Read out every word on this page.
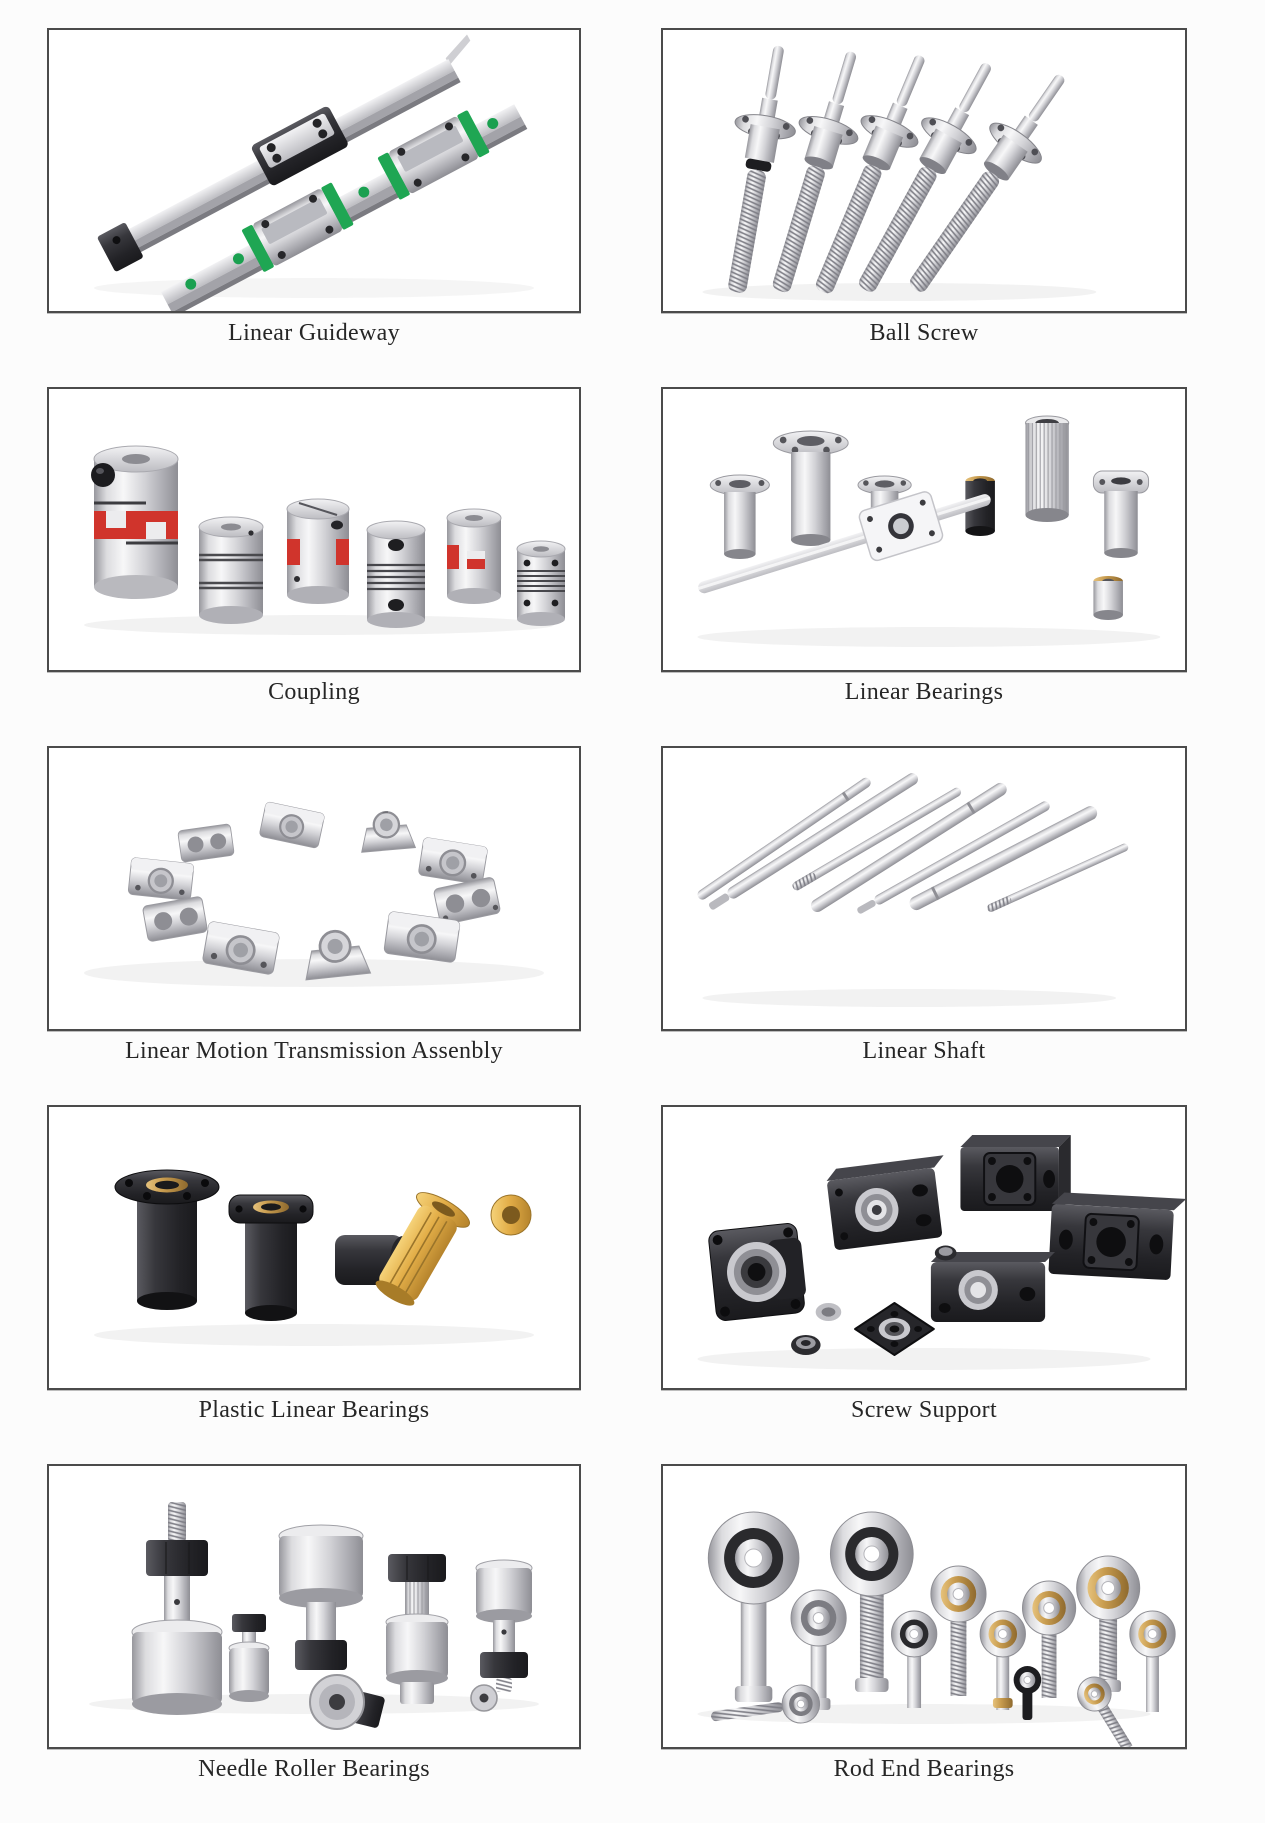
Linear Guideway	Ball Screw
Coupling	Linear Bearings
Linear Motion Transmission Assenbly	Linear Shaft
Plastic Linear Bearings	Screw Support
Needle Roller Bearings	Rod End Bearings
